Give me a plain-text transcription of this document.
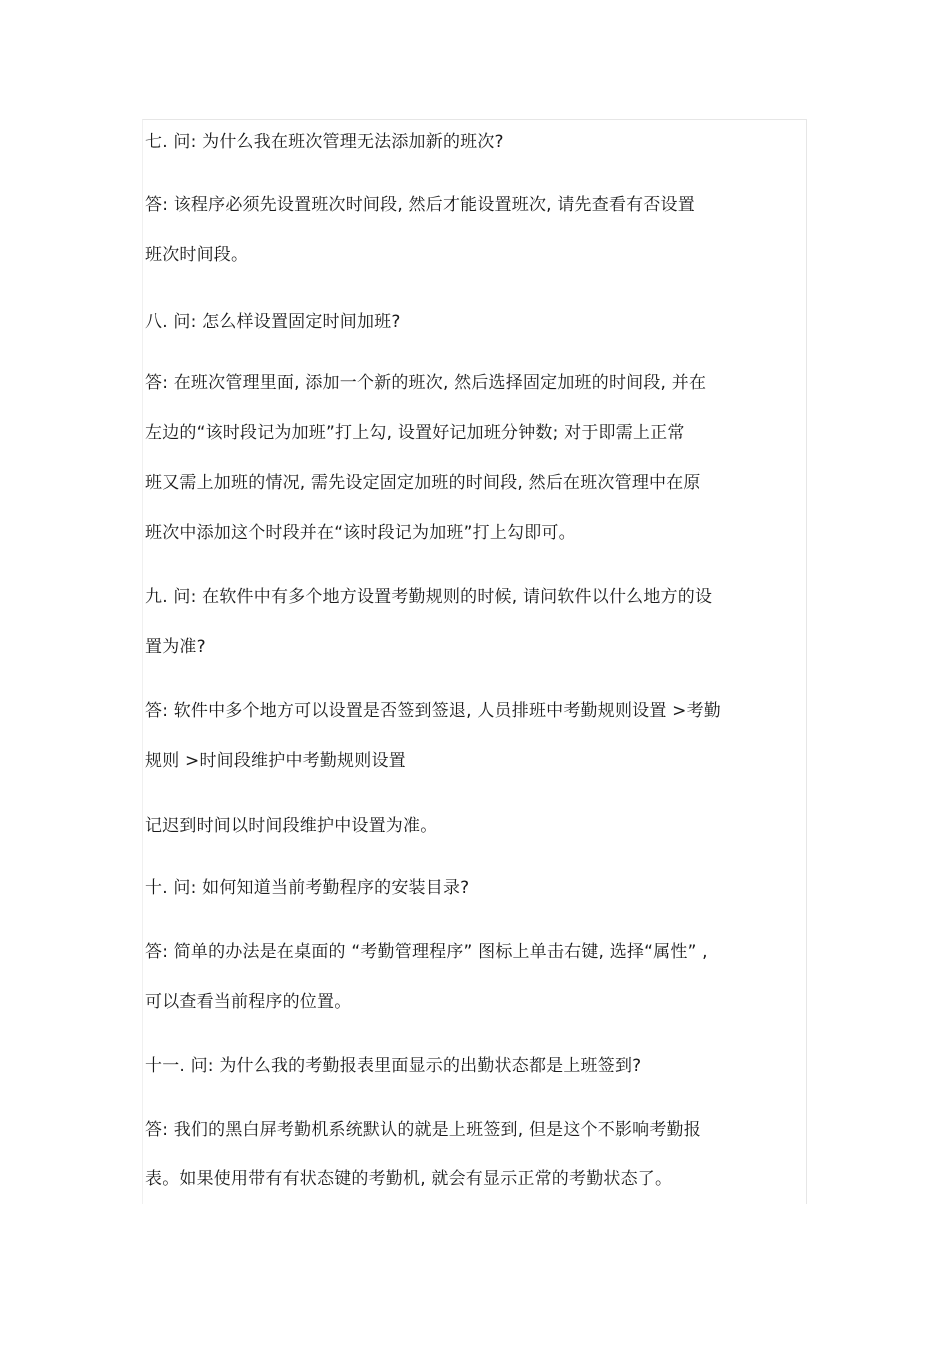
七. 问: 为什么我在班次管理无法添加新的班次?
答: 该程序必须先设置班次时间段, 然后才能设置班次, 请先查看有否设置
班次时间段。
八. 问: 怎么样设置固定时间加班?
答: 在班次管理里面, 添加一个新的班次, 然后选择固定加班的时间段, 并在
左边的“该时段记为加班”打上勾, 设置好记加班分钟数; 对于即需上正常
班又需上加班的情况, 需先设定固定加班的时间段, 然后在班次管理中在原
班次中添加这个时段并在“该时段记为加班”打上勾即可。
九. 问: 在软件中有多个地方设置考勤规则的时候, 请问软件以什么地方的设
置为准?
答: 软件中多个地方可以设置是否签到签退, 人员排班中考勤规则设置 >考勤
规则 >时间段维护中考勤规则设置
记迟到时间以时间段维护中设置为准。
十. 问: 如何知道当前考勤程序的安装目录?
答: 简单的办法是在桌面的 “考勤管理程序” 图标上单击右键, 选择“属性” ,
可以查看当前程序的位置。
十一. 问: 为什么我的考勤报表里面显示的出勤状态都是上班签到?
答: 我们的黑白屏考勤机系统默认的就是上班签到, 但是这个不影响考勤报
表。如果使用带有有状态键的考勤机, 就会有显示正常的考勤状态了。
